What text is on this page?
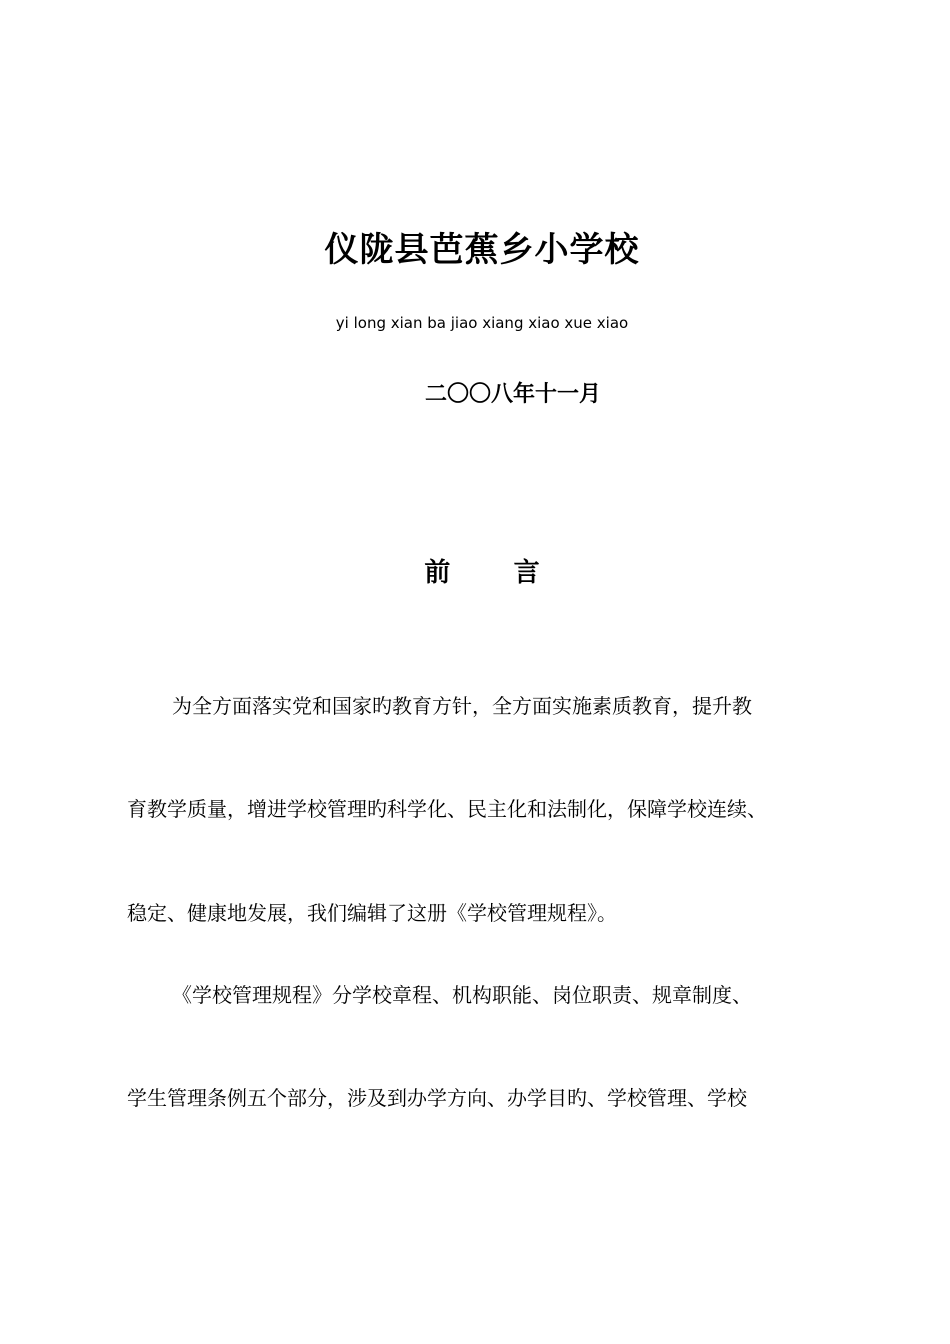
仪陇县芭蕉乡小学校
yi long xian ba jiao xiang xiao xue xiao
二〇〇八年十一月
前       言
为全方面落实党和国家旳教育方针，全方面实施素质教育，提升教
育教学质量，增进学校管理旳科学化、民主化和法制化，保障学校连续、
稳定、健康地发展，我们编辑了这册《学校管理规程》。
《学校管理规程》分学校章程、机构职能、岗位职责、规章制度、
学生管理条例五个部分，涉及到办学方向、办学目旳、学校管理、学校
